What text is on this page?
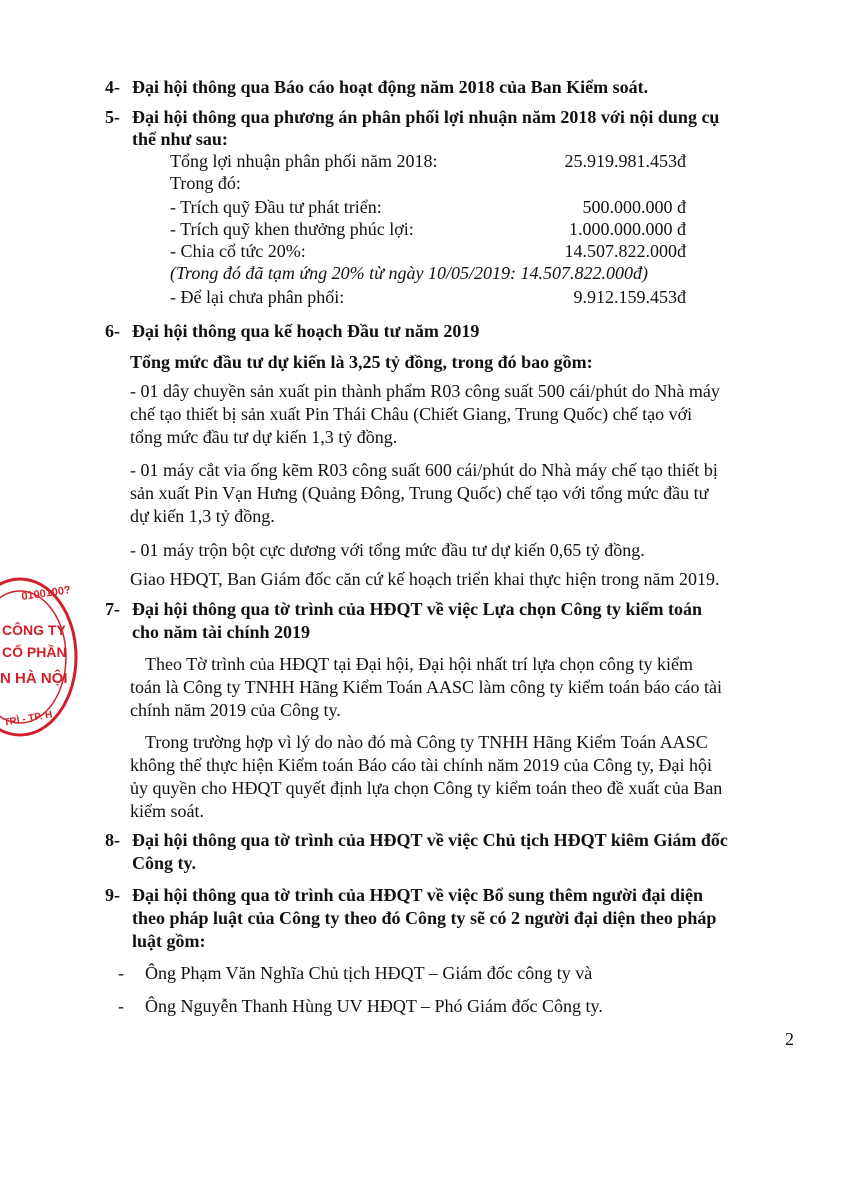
4- Đại hội thông qua Báo cáo hoạt động năm 2018 của Ban Kiểm soát.
5- Đại hội thông qua phương án phân phối lợi nhuận năm 2018 với nội dung cụ
thể như sau:
Tổng lợi nhuận phân phối năm 2018:	25.919.981.453đ
Trong đó:
- Trích quỹ Đầu tư phát triển:	500.000.000 đ
- Trích quỹ khen thưởng phúc lợi:	1.000.000.000 đ
- Chia cổ tức 20%:	14.507.822.000đ
(Trong đó đã tạm ứng 20% từ ngày 10/05/2019: 14.507.822.000đ)
- Để lại chưa phân phối:	9.912.159.453đ
6- Đại hội thông qua kế hoạch Đầu tư năm 2019
Tổng mức đầu tư dự kiến là 3,25 tỷ đồng, trong đó bao gồm:
- 01 dây chuyền sản xuất pin thành phẩm R03 công suất 500 cái/phút do Nhà máy
chế tạo thiết bị sản xuất Pin Thái Châu (Chiết Giang, Trung Quốc) chế tạo với
tổng mức đầu tư dự kiến 1,3 tỷ đồng.
- 01 máy cắt via ống kẽm R03 công suất 600 cái/phút do Nhà máy chế tạo thiết bị
sản xuất Pin Vạn Hưng (Quảng Đông, Trung Quốc) chế tạo với tổng mức đầu tư
dự kiến 1,3 tỷ đồng.
- 01 máy trộn bột cực dương với tổng mức đầu tư dự kiến 0,65 tỷ đồng.
Giao HĐQT, Ban Giám đốc căn cứ kế hoạch triển khai thực hiện trong năm 2019.
7- Đại hội thông qua tờ trình của HĐQT về việc Lựa chọn Công ty kiểm toán
cho năm tài chính 2019
Theo Tờ trình của HĐQT tại Đại hội, Đại hội nhất trí lựa chọn công ty kiểm
toán là Công ty TNHH Hãng Kiểm Toán AASC làm công ty kiểm toán báo cáo tài
chính năm 2019 của Công ty.
Trong trường hợp vì lý do nào đó mà Công ty TNHH Hãng Kiểm Toán AASC
không thể thực hiện Kiểm toán Báo cáo tài chính năm 2019 của Công ty, Đại hội
ủy quyền cho HĐQT quyết định lựa chọn Công ty kiểm toán theo đề xuất của Ban
kiểm soát.
8- Đại hội thông qua tờ trình của HĐQT về việc Chủ tịch HĐQT kiêm Giám đốc
Công ty.
9- Đại hội thông qua tờ trình của HĐQT về việc Bổ sung thêm người đại diện
theo pháp luật của Công ty theo đó Công ty sẽ có 2 người đại diện theo pháp
luật gồm:
- Ông Phạm Văn Nghĩa Chủ tịch HĐQT – Giám đốc công ty và
- Ông Nguyễn Thanh Hùng UV HĐQT – Phó Giám đốc Công ty.
2
0100100?
CÔNG TY
CỔ PHẦN
N HÀ NỘI
TRÌ - TP. H
